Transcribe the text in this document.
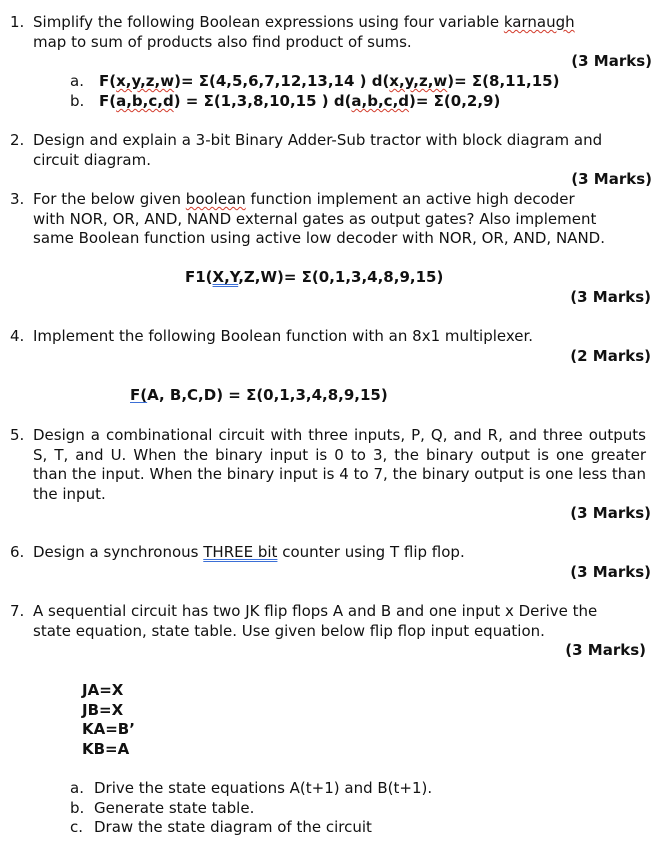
1. Simplify the following Boolean expressions using four variable karnaugh
map to sum of products also find product of sums.
(3 Marks)
a. F(x,y,z,w)= Σ(4,5,6,7,12,13,14 ) d(x,y,z,w)= Σ(8,11,15)
b. F(a,b,c,d) = Σ(1,3,8,10,15 ) d(a,b,c,d)= Σ(0,2,9)
2. Design and explain a 3-bit Binary Adder-Sub tractor with block diagram and
circuit diagram.
(3 Marks)
3. For the below given boolean function implement an active high decoder
with NOR, OR, AND, NAND external gates as output gates? Also implement
same Boolean function using active low decoder with NOR, OR, AND, NAND.
F1(X,Y,Z,W)= Σ(0,1,3,4,8,9,15)
(3 Marks)
4. Implement the following Boolean function with an 8x1 multiplexer.
(2 Marks)
F(A, B,C,D) = Σ(0,1,3,4,8,9,15)
5. Design a combinational circuit with three inputs, P, Q, and R, and three outputs S, T, and U. When the binary input is 0 to 3, the binary output is one greater than the input. When the binary input is 4 to 7, the binary output is one less than the input.
(3 Marks)
6. Design a synchronous THREE bit counter using T flip flop.
(3 Marks)
7. A sequential circuit has two JK flip flops A and B and one input x Derive the
state equation, state table. Use given below flip flop input equation.
(3 Marks)
JA=X
JB=X
KA=B’
KB=A
a. Drive the state equations A(t+1) and B(t+1).
b. Generate state table.
c. Draw the state diagram of the circuit
